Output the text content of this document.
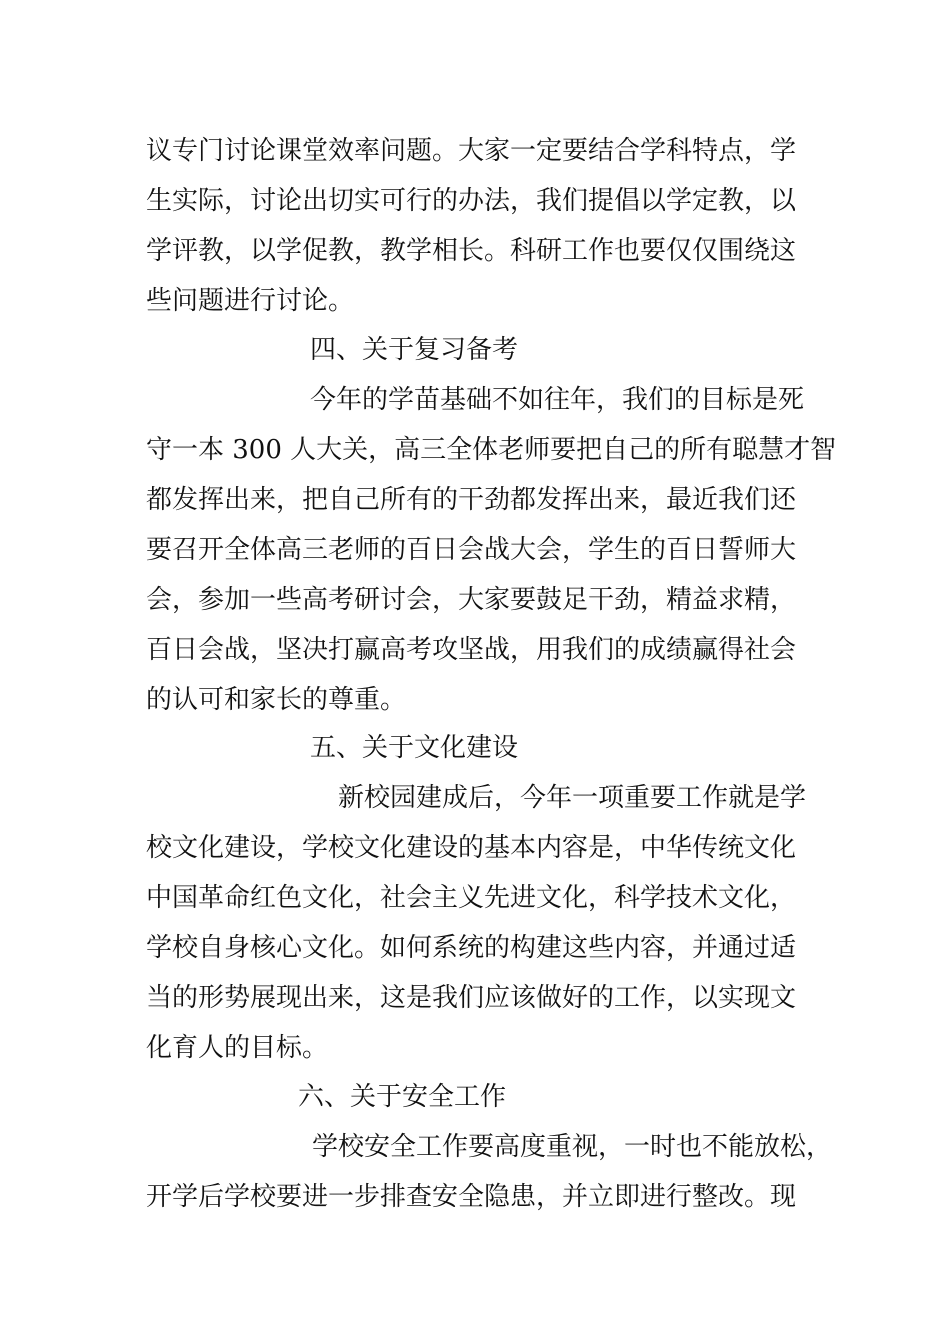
议专门讨论课堂效率问题。大家一定要结合学科特点，学
生实际，讨论出切实可行的办法，我们提倡以学定教，以
学评教，以学促教，教学相长。科研工作也要仅仅围绕这
些问题进行讨论。
四、关于复习备考
今年的学苗基础不如往年，我们的目标是死
守一本 300 人大关，高三全体老师要把自己的所有聪慧才智
都发挥出来，把自己所有的干劲都发挥出来，最近我们还
要召开全体高三老师的百日会战大会，学生的百日誓师大
会，参加一些高考研讨会，大家要鼓足干劲，精益求精，
百日会战，坚决打赢高考攻坚战，用我们的成绩赢得社会
的认可和家长的尊重。
五、关于文化建设
新校园建成后，今年一项重要工作就是学
校文化建设，学校文化建设的基本内容是，中华传统文化
中国革命红色文化，社会主义先进文化，科学技术文化，
学校自身核心文化。如何系统的构建这些内容，并通过适
当的形势展现出来，这是我们应该做好的工作，以实现文
化育人的目标。
六、关于安全工作
学校安全工作要高度重视，一时也不能放松，
开学后学校要进一步排查安全隐患，并立即进行整改。现
